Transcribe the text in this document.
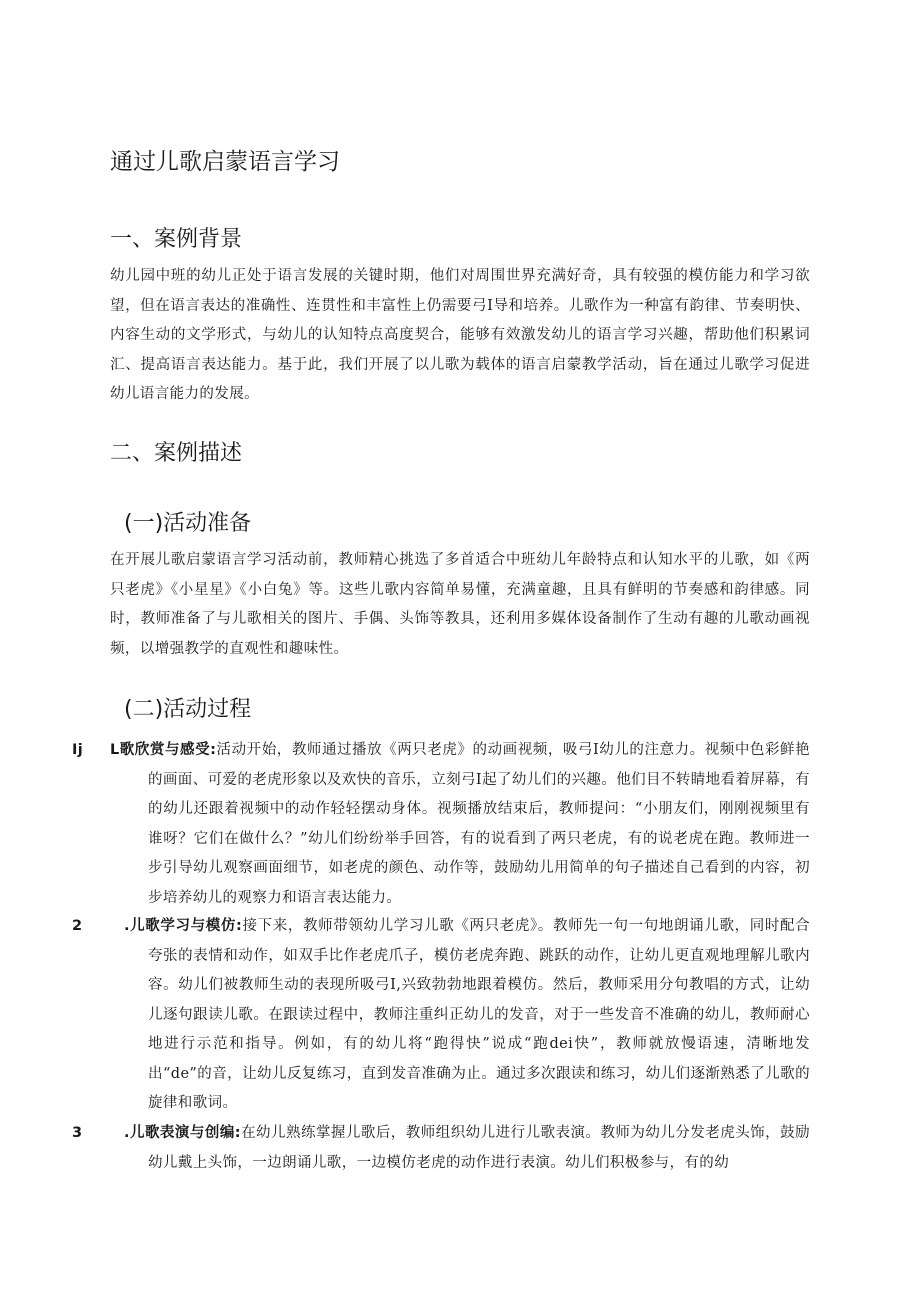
通过儿歌启蒙语言学习
一、案例背景

幼儿园中班的幼儿正处于语言发展的关键时期，他们对周围世界充满好奇，具有较强的模仿能力和学习欲望，但在语言表达的准确性、连贯性和丰富性上仍需要弓I导和培养。儿歌作为一种富有韵律、节奏明快、内容生动的文学形式，与幼儿的认知特点高度契合，能够有效激发幼儿的语言学习兴趣，帮助他们积累词汇、提高语言表达能力。基于此，我们开展了以儿歌为载体的语言启蒙教学活动，旨在通过儿歌学习促进幼儿语言能力的发展。

二、案例描述
(一)活动准备

在开展儿歌启蒙语言学习活动前，教师精心挑选了多首适合中班幼儿年龄特点和认知水平的儿歌，如《两只老虎》《小星星》《小白兔》等。这些儿歌内容简单易懂，充满童趣，且具有鲜明的节奏感和韵律感。同时，教师准备了与儿歌相关的图片、手偶、头饰等教具，还利用多媒体设备制作了生动有趣的儿歌动画视频，以增强教学的直观性和趣味性。

(二)活动过程

Ij L歌欣赏与感受:活动开始，教师通过播放《两只老虎》的动画视频，吸弓I幼儿的注意力。视频中色彩鲜艳的画面、可爱的老虎形象以及欢快的音乐，立刻弓I起了幼儿们的兴趣。他们目不转睛地看着屏幕，有的幼儿还跟着视频中的动作轻轻摆动身体。视频播放结束后，教师提问：“小朋友们，刚刚视频里有谁呀？它们在做什么？”幼儿们纷纷举手回答，有的说看到了两只老虎，有的说老虎在跑。教师进一步引导幼儿观察画面细节，如老虎的颜色、动作等，鼓励幼儿用简单的句子描述自己看到的内容，初步培养幼儿的观察力和语言表达能力。

2	.儿歌学习与模仿:接下来，教师带领幼儿学习儿歌《两只老虎》。教师先一句一句地朗诵儿歌，同时配合夸张的表情和动作，如双手比作老虎爪子，模仿老虎奔跑、跳跃的动作，让幼儿更直观地理解儿歌内容。幼儿们被教师生动的表现所吸弓I,兴致勃勃地跟着模仿。然后，教师采用分句教唱的方式，让幼儿逐句跟读儿歌。在跟读过程中，教师注重纠正幼儿的发音，对于一些发音不准确的幼儿，教师耐心地进行示范和指导。例如，有的幼儿将“跑得快”说成“跑dei快”，教师就放慢语速，清晰地发出“de”的音，让幼儿反复练习，直到发音准确为止。通过多次跟读和练习，幼儿们逐渐熟悉了儿歌的旋律和歌词。

3	.儿歌表演与创编:在幼儿熟练掌握儿歌后，教师组织幼儿进行儿歌表演。教师为幼儿分发老虎头饰，鼓励幼儿戴上头饰，一边朗诵儿歌，一边模仿老虎的动作进行表演。幼儿们积极参与，有的幼
